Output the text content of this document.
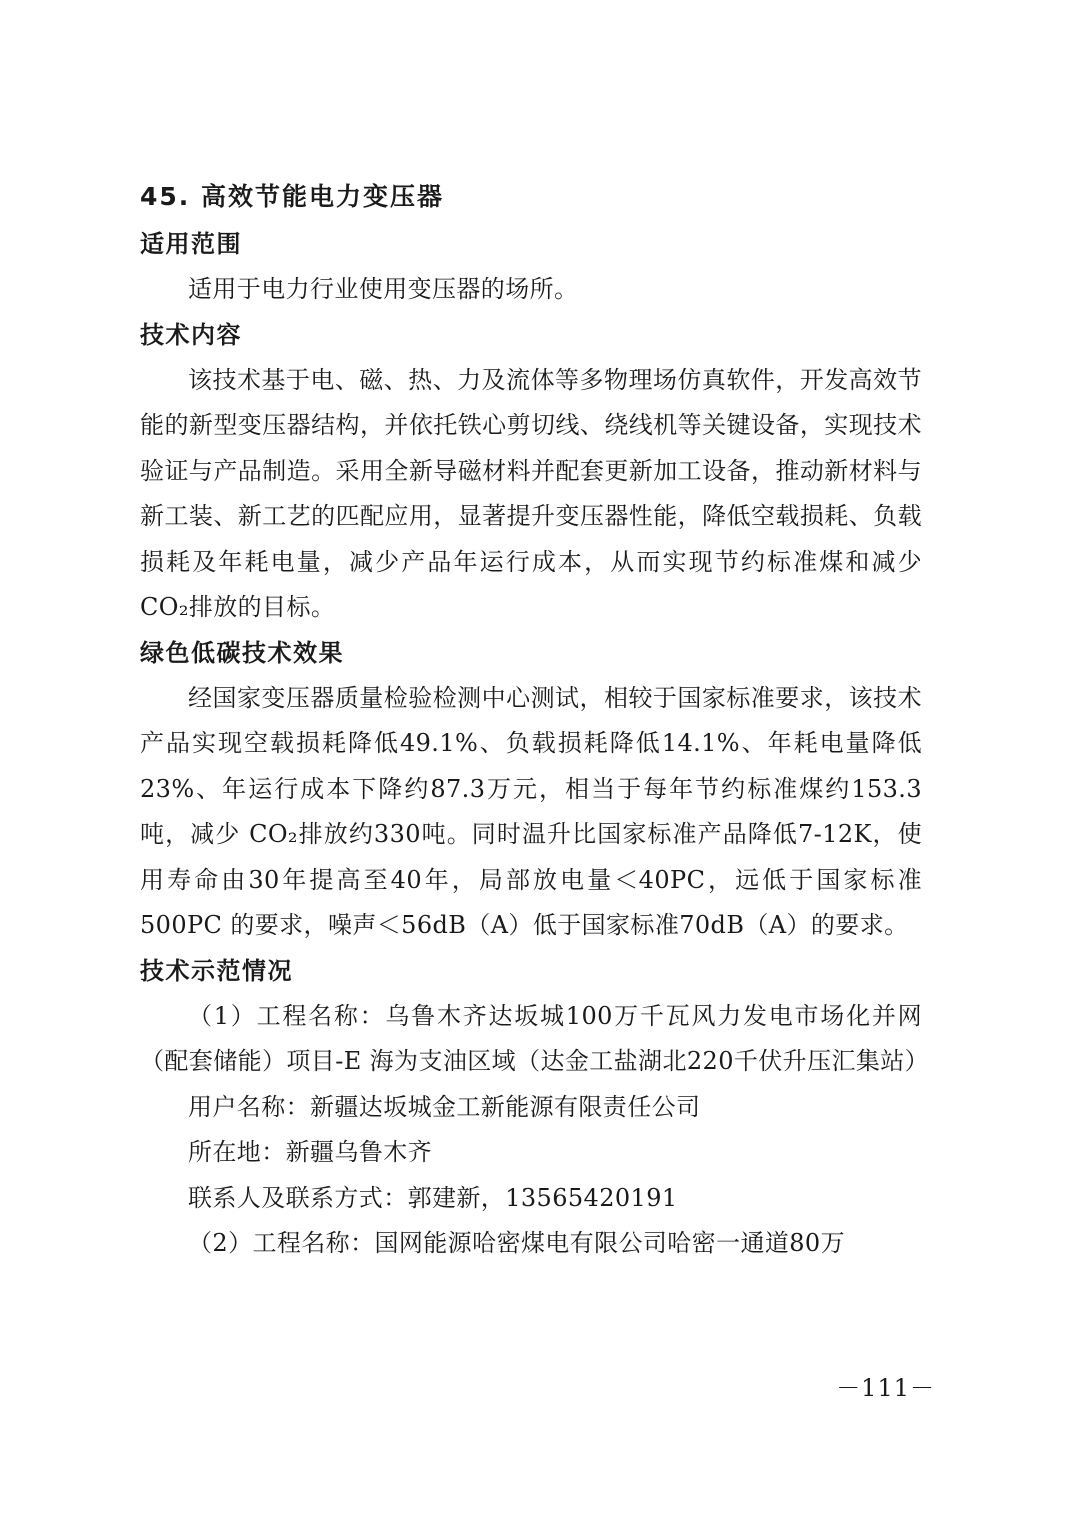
45. 高效节能电力变压器
适用范围
适用于电力行业使用变压器的场所。
技术内容
该技术基于电、磁、热、力及流体等多物理场仿真软件，开发高效节能的新型变压器结构，并依托铁心剪切线、绕线机等关键设备，实现技术验证与产品制造。采用全新导磁材料并配套更新加工设备，推动新材料与新工装、新工艺的匹配应用，显著提升变压器性能，降低空载损耗、负载损耗及年耗电量，减少产品年运行成本，从而实现节约标准煤和减少 CO₂排放的目标。
绿色低碳技术效果
经国家变压器质量检验检测中心测试，相较于国家标准要求，该技术产品实现空载损耗降低49.1%、负载损耗降低14.1%、年耗电量降低23%、年运行成本下降约87.3万元，相当于每年节约标准煤约153.3吨，减少 CO₂排放约330吨。同时温升比国家标准产品降低7-12K，使用寿命由30年提高至40年，局部放电量＜40PC，远低于国家标准500PC 的要求，噪声＜56dB（A）低于国家标准70dB（A）的要求。
技术示范情况
（1）工程名称：乌鲁木齐达坂城100万千瓦风力发电市场化并网（配套储能）项目-E 海为支油区域（达金工盐湖北220千伏升压汇集站）
用户名称：新疆达坂城金工新能源有限责任公司
所在地：新疆乌鲁木齐
联系人及联系方式：郭建新，13565420191
（2）工程名称：国网能源哈密煤电有限公司哈密一通道80万
－111－
